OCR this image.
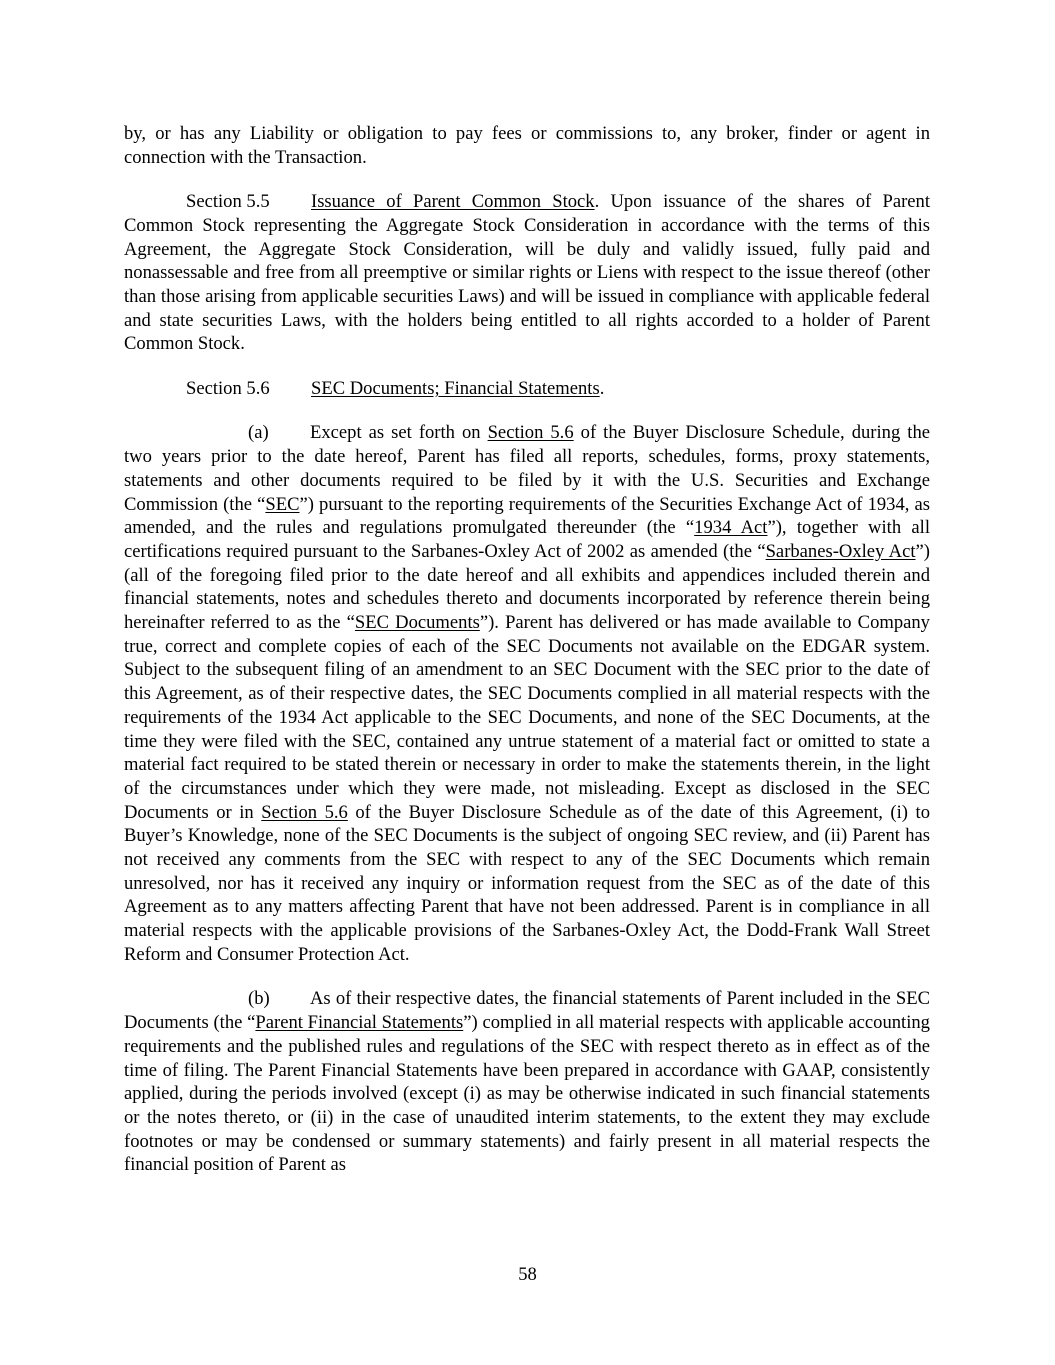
by, or has any Liability or obligation to pay fees or commissions to, any broker, finder or agent in connection with the Transaction.

Section 5.5 Issuance of Parent Common Stock. Upon issuance of the shares of Parent Common Stock representing the Aggregate Stock Consideration in accordance with the terms of this Agreement, the Aggregate Stock Consideration, will be duly and validly issued, fully paid and nonassessable and free from all preemptive or similar rights or Liens with respect to the issue thereof (other than those arising from applicable securities Laws) and will be issued in compliance with applicable federal and state securities Laws, with the holders being entitled to all rights accorded to a holder of Parent Common Stock.

Section 5.6 SEC Documents; Financial Statements.

(a) Except as set forth on Section 5.6 of the Buyer Disclosure Schedule, during the two years prior to the date hereof, Parent has filed all reports, schedules, forms, proxy statements, statements and other documents required to be filed by it with the U.S. Securities and Exchange Commission (the “SEC”) pursuant to the reporting requirements of the Securities Exchange Act of 1934, as amended, and the rules and regulations promulgated thereunder (the “1934 Act”), together with all certifications required pursuant to the Sarbanes-Oxley Act of 2002 as amended (the “Sarbanes-Oxley Act”) (all of the foregoing filed prior to the date hereof and all exhibits and appendices included therein and financial statements, notes and schedules thereto and documents incorporated by reference therein being hereinafter referred to as the “SEC Documents”). Parent has delivered or has made available to Company true, correct and complete copies of each of the SEC Documents not available on the EDGAR system. Subject to the subsequent filing of an amendment to an SEC Document with the SEC prior to the date of this Agreement, as of their respective dates, the SEC Documents complied in all material respects with the requirements of the 1934 Act applicable to the SEC Documents, and none of the SEC Documents, at the time they were filed with the SEC, contained any untrue statement of a material fact or omitted to state a material fact required to be stated therein or necessary in order to make the statements therein, in the light of the circumstances under which they were made, not misleading. Except as disclosed in the SEC Documents or in Section 5.6 of the Buyer Disclosure Schedule as of the date of this Agreement, (i) to Buyer’s Knowledge, none of the SEC Documents is the subject of ongoing SEC review, and (ii) Parent has not received any comments from the SEC with respect to any of the SEC Documents which remain unresolved, nor has it received any inquiry or information request from the SEC as of the date of this Agreement as to any matters affecting Parent that have not been addressed. Parent is in compliance in all material respects with the applicable provisions of the Sarbanes-Oxley Act, the Dodd-Frank Wall Street Reform and Consumer Protection Act.

(b) As of their respective dates, the financial statements of Parent included in the SEC Documents (the “Parent Financial Statements”) complied in all material respects with applicable accounting requirements and the published rules and regulations of the SEC with respect thereto as in effect as of the time of filing. The Parent Financial Statements have been prepared in accordance with GAAP, consistently applied, during the periods involved (except (i) as may be otherwise indicated in such financial statements or the notes thereto, or (ii) in the case of unaudited interim statements, to the extent they may exclude footnotes or may be condensed or summary statements) and fairly present in all material respects the financial position of Parent as

58
